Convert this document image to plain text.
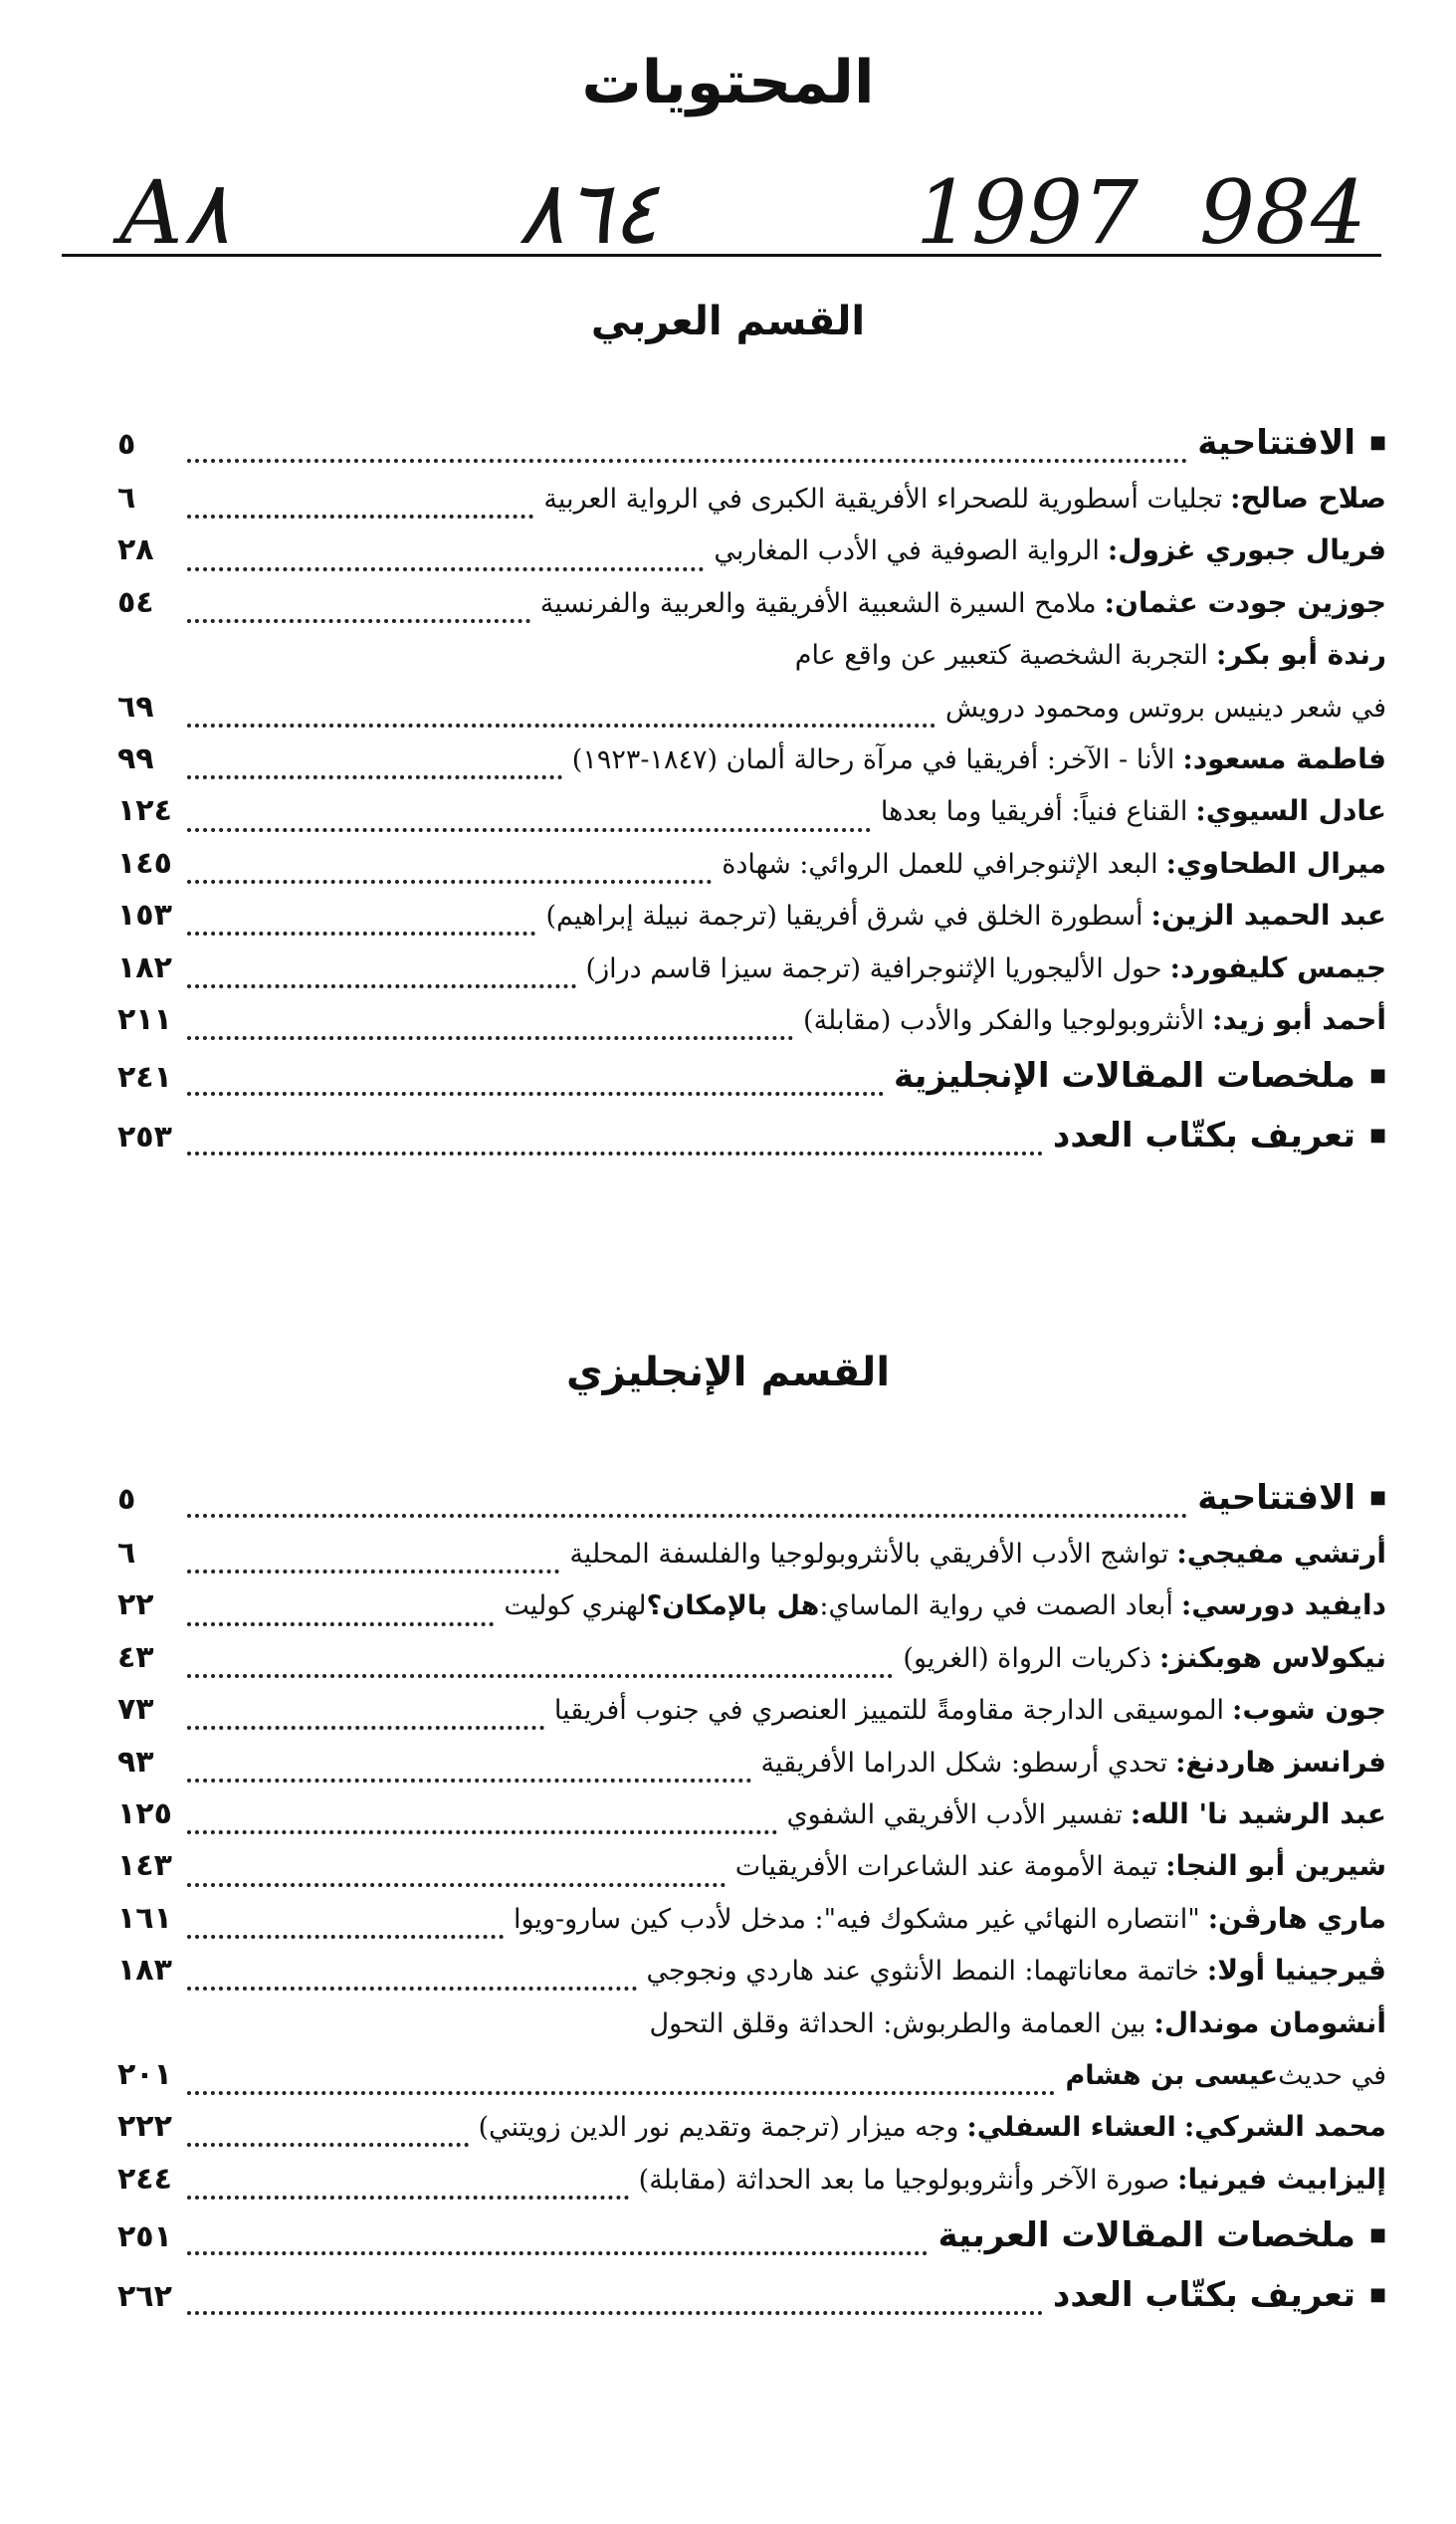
المحتويات
A٨	٨٦٤	1997 984
القسم العربي
■
الافتتاحية
٥
صلاح صالح
:
تجليات أسطورية للصحراء الأفريقية الكبرى في الرواية العربية
٦
فريال جبوري غزول
:
الرواية الصوفية في الأدب المغاربي
٢٨
جوزين جودت عثمان
:
ملامح السيرة الشعبية الأفريقية والعربية والفرنسية
٥٤
رندة أبو بكر
:
التجربة الشخصية كتعبير عن واقع عام
في شعر دينيس بروتس ومحمود درويش
٦٩
فاطمة مسعود
:
الأنا - الآخر: أفريقيا في مرآة رحالة ألمان (١٨٤٧-١٩٢٣)
٩٩
عادل السيوي
:
القناع فنياً: أفريقيا وما بعدها
١٢٤
ميرال الطحاوي
:
البعد الإثنوجرافي للعمل الروائي: شهادة
١٤٥
عبد الحميد الزين
:
أسطورة الخلق في شرق أفريقيا (ترجمة نبيلة إبراهيم)
١٥٣
جيمس كليفورد
:
حول الأليجوريا الإثنوجرافية (ترجمة سيزا قاسم دراز)
١٨٢
أحمد أبو زيد
:
الأنثروبولوجيا والفكر والأدب (مقابلة)
٢١١
■
ملخصات المقالات الإنجليزية
٢٤١
■
تعريف بكتّاب العدد
٢٥٣
القسم الإنجليزي
■
الافتتاحية
٥
أرتشي مفيجي
:
تواشج الأدب الأفريقي بالأنثروبولوجيا والفلسفة المحلية
٦
دايفيد دورسي
:
أبعاد الصمت في رواية الماساي:
هل بالإمكان؟
لهنري كوليت
٢٢
نيكولاس هوبكنز
:
ذكريات الرواة (الغريو)
٤٣
جون شوب
:
الموسيقى الدارجة مقاومةً للتمييز العنصري في جنوب أفريقيا
٧٣
فرانسز هاردنغ
:
تحدي أرسطو: شكل الدراما الأفريقية
٩٣
عبد الرشيد نا' الله
:
تفسير الأدب الأفريقي الشفوي
١٢٥
شيرين أبو النجا
:
تيمة الأمومة عند الشاعرات الأفريقيات
١٤٣
ماري هارڤن
:
"انتصاره النهائي غير مشكوك فيه": مدخل لأدب كين سارو-ويوا
١٦١
ڤيرجينيا أولا
:
خاتمة معاناتهما: النمط الأنثوي عند هاردي ونجوجي
١٨٣
أنشومان موندال
:
بين العمامة والطربوش: الحداثة وقلق التحول
في حديث
عيسى بن هشام
٢٠١
محمد الشركي
:
العشاء السفلي
:
وجه ميزار (ترجمة وتقديم نور الدين زويتني)
٢٢٢
إليزابيث فيرنيا
:
صورة الآخر وأنثروبولوجيا ما بعد الحداثة (مقابلة)
٢٤٤
■
ملخصات المقالات العربية
٢٥١
■
تعريف بكتّاب العدد
٢٦٢
